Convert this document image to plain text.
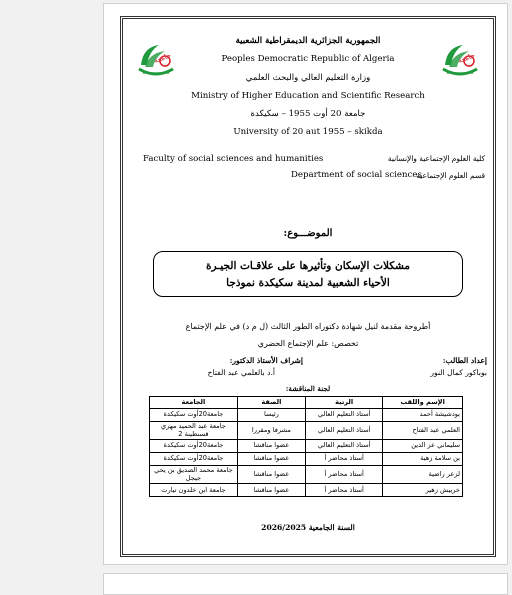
جامعة	جامعة
الجمهورية الجزائرية الديمقراطية الشعبية
Peoples Democratic Republic of Algeria
وزارة التعليم العالي والبحث العلمي
Ministry of Higher Education and Scientific Research
جامعة 20 أوت 1955 – سكيكدة
University of 20 aut 1955 – skikda
Faculty of social sciences and humanities	كلية العلوم الإجتماعية والإنسانية
Department of social sciences
قسم العلوم الإجتماعية
الموضـــوع:
مشكلات الإسكان وتأثيرها على علاقـات الجيـرة
الأحياء الشعبية لمدينة سكيكدة نموذجا
أطروحة مقدمة لنيل شهادة دكتوراه الطور الثالث (ل م د) في علم الإجتماع
تخصص: علم الإجتماع الحضري
إعداد الطالب:
بوباكور كمال النور
إشراف الأستاذ الدكتور:
أ.د بالعلمي عبد الفتاح
لجنة المناقشة:
الإسم واللقب	الرتبة	الصفة	الجامعة
بودشيشة أحمد	أستاذ التعليم العالي	رئيسا	جامعة20أوت سكيكدة
العلمي عبد الفتاح	أستاذ التعليم العالي	مشرفا ومقررا	جامعة عبد الحميد مهري قسنطينة 2
سليماني عز الدين	أستاذ التعليم العالي	عضوا مناقشا	جامعة20أوت سكيكدة
بن سلامة زهية	أستاذ محاضر أ	عضوا مناقشا	جامعة20أوت سكيكدة
لزعر راضية	أستاذ محاضر أ	عضوا مناقشا	جامعة محمد الصديق بن يحي جيجل
خربيش زهير	أستاذ محاضر أ	عضوا مناقشا	جامعة ابن خلدون تيارت
السنة الجامعية 2026/2025
